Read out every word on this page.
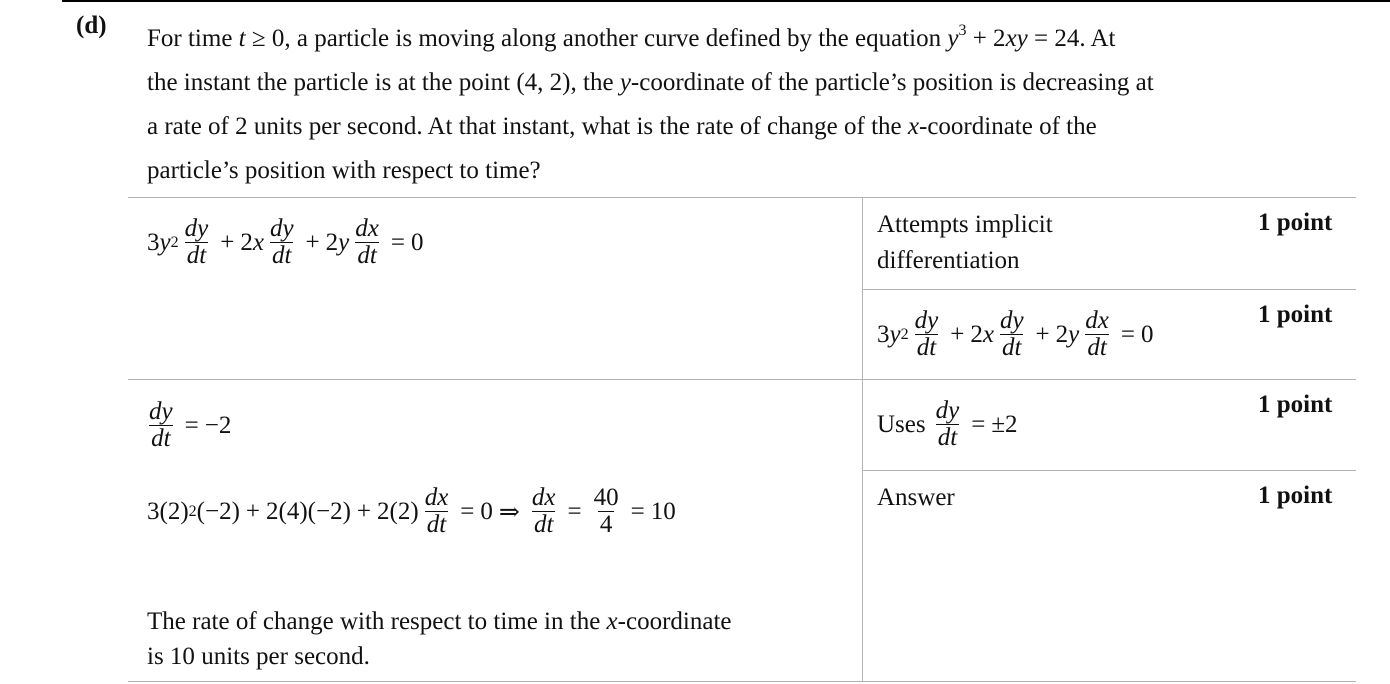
(d) For time t ≥ 0, a particle is moving along another curve defined by the equation $y^3 + 2xy = 24$. At
the instant the particle is at the point (4, 2), the y-coordinate of the particle’s position is decreasing at
a rate of 2 units per second. At that instant, what is the rate of change of the x-coordinate of the
particle’s position with respect to time?
3 y $2 \frac{dy}{dt} + 2$ x $\frac{dy}{dt} + 2$ y $\frac{dx}{dt} = 0$
$\frac{dy}{dt} = -2$
3(2) 2 $(-2) + 2(4)(-2) + 2(2) \frac{dx}{dt} = 0$ ⇒ $\frac{dx}{dt} = \frac{40}{4} = 10$
The rate of change with respect to time in the x-coordinate
is 10 units per second.
Attempts implicit differentiation
1 point
3 y $2 \frac{dy}{dt} + 2$ x $\frac{dy}{dt} + 2$ y $\frac{dx}{dt} = 0$
1 point
Uses $\frac{dy}{dt} = \pm 2$
1 point
Answer	1 point
